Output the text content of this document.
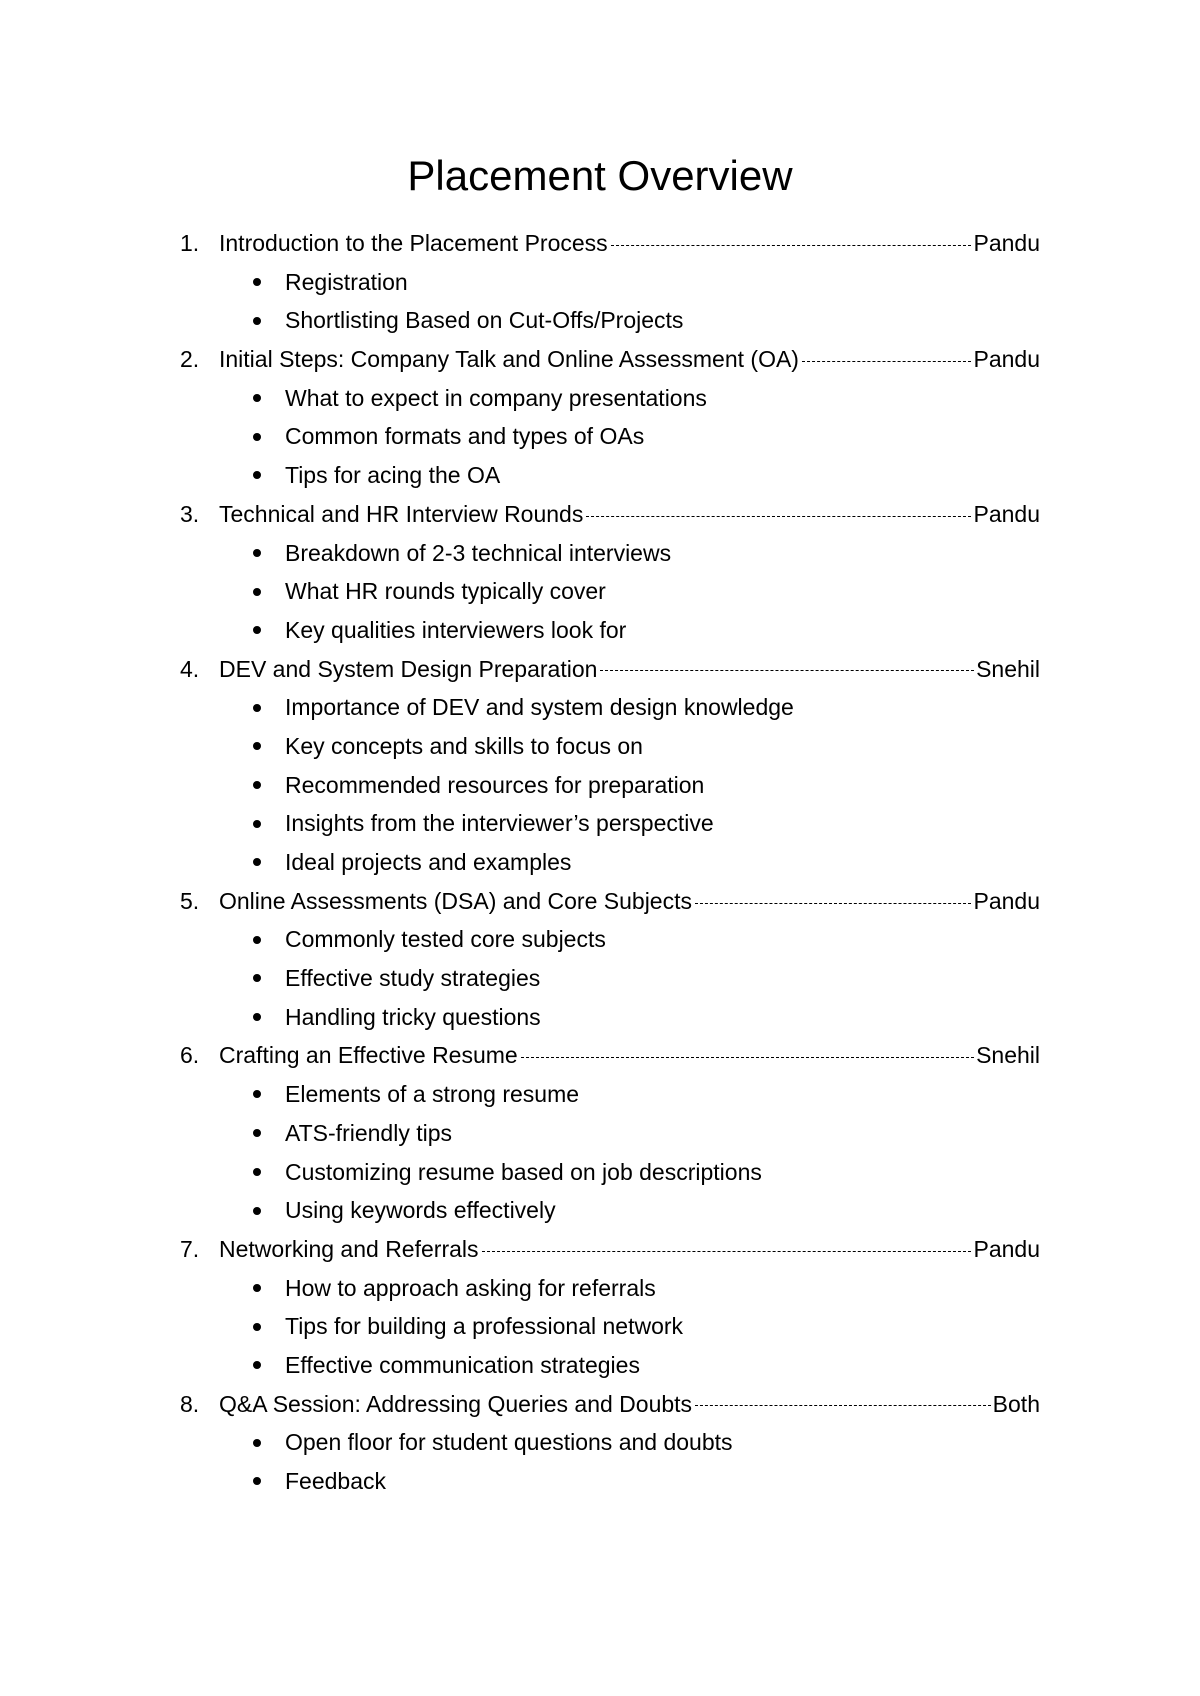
Placement Overview
1. Introduction to the Placement Process	Pandu
Registration
Shortlisting Based on Cut-Offs/Projects
2. Initial Steps: Company Talk and Online Assessment (OA)	Pandu
What to expect in company presentations
Common formats and types of OAs
Tips for acing the OA
3. Technical and HR Interview Rounds	Pandu
Breakdown of 2-3 technical interviews
What HR rounds typically cover
Key qualities interviewers look for
4. DEV and System Design Preparation	Snehil
Importance of DEV and system design knowledge
Key concepts and skills to focus on
Recommended resources for preparation
Insights from the interviewer’s perspective
Ideal projects and examples
5. Online Assessments (DSA) and Core Subjects	Pandu
Commonly tested core subjects
Effective study strategies
Handling tricky questions
6. Crafting an Effective Resume	Snehil
Elements of a strong resume
ATS-friendly tips
Customizing resume based on job descriptions
Using keywords effectively
7. Networking and Referrals	Pandu
How to approach asking for referrals
Tips for building a professional network
Effective communication strategies
8. Q&A Session: Addressing Queries and Doubts	Both
Open floor for student questions and doubts
Feedback
